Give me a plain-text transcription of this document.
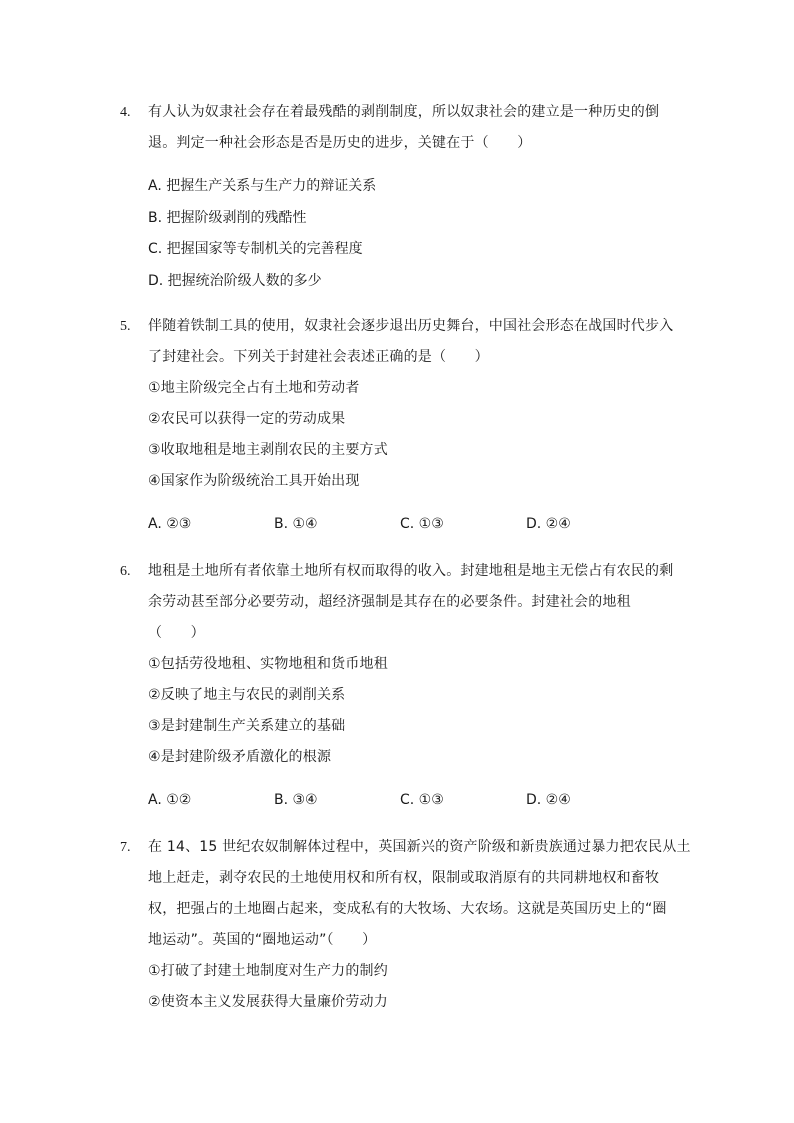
4. 有人认为奴隶社会存在着最残酷的剥削制度，所以奴隶社会的建立是一种历史的倒
退。判定一种社会形态是否是历史的进步，关键在于（　　）
A. 把握生产关系与生产力的辩证关系
B. 把握阶级剥削的残酷性
C. 把握国家等专制机关的完善程度
D. 把握统治阶级人数的多少
5. 伴随着铁制工具的使用，奴隶社会逐步退出历史舞台，中国社会形态在战国时代步入
了封建社会。下列关于封建社会表述正确的是（　　）
①地主阶级完全占有土地和劳动者
②农民可以获得一定的劳动成果
③收取地租是地主剥削农民的主要方式
④国家作为阶级统治工具开始出现
A. ②③	B. ①④	C. ①③	D. ②④
6. 地租是土地所有者依靠土地所有权而取得的收入。封建地租是地主无偿占有农民的剩
余劳动甚至部分必要劳动，超经济强制是其存在的必要条件。封建社会的地租
（　　）
①包括劳役地租、实物地租和货币地租
②反映了地主与农民的剥削关系
③是封建制生产关系建立的基础
④是封建阶级矛盾激化的根源
A. ①②	B. ③④	C. ①③	D. ②④
7. 在 14、15 世纪农奴制解体过程中，英国新兴的资产阶级和新贵族通过暴力把农民从土
地上赶走，剥夺农民的土地使用权和所有权，限制或取消原有的共同耕地权和畜牧
权，把强占的土地圈占起来，变成私有的大牧场、大农场。这就是英国历史上的“圈
地运动”。英国的“圈地运动”（　　）
①打破了封建土地制度对生产力的制约
②使资本主义发展获得大量廉价劳动力
